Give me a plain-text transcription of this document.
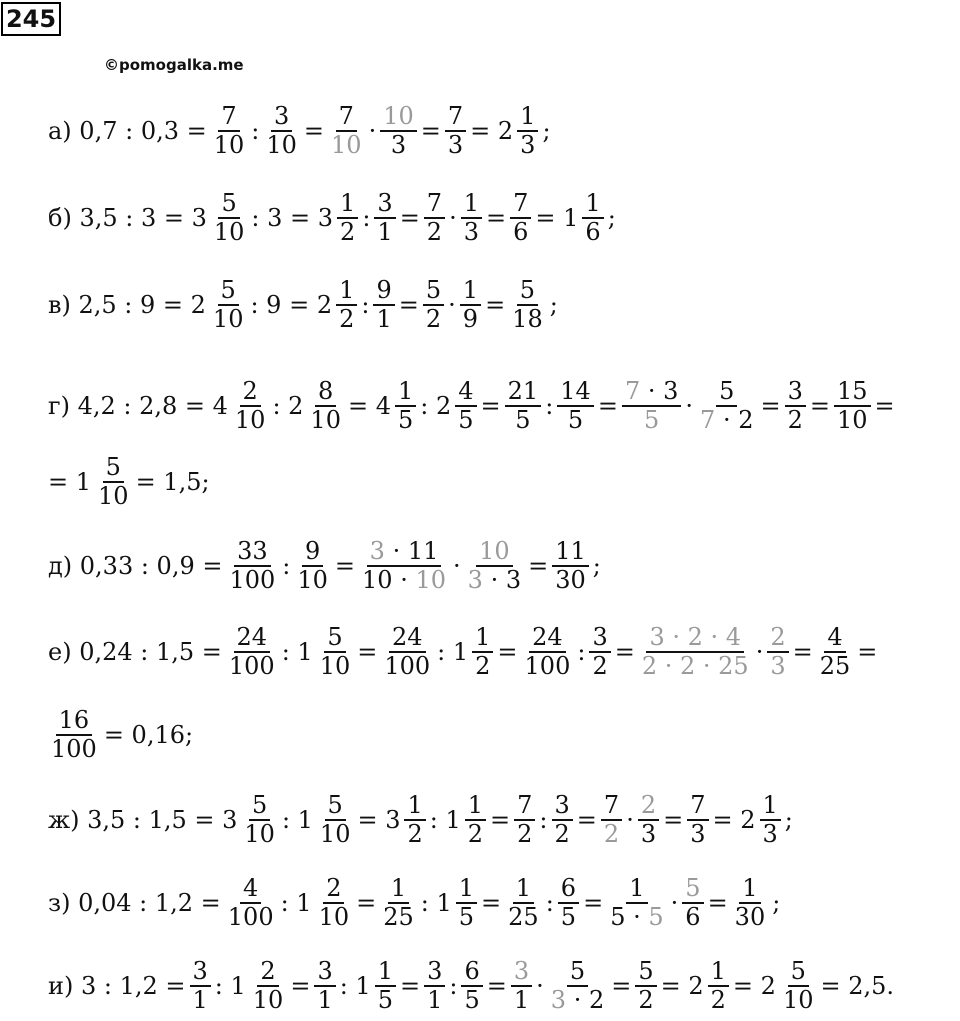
245
©pomogalka.me
а) 0,7 : $0,3 = \frac{7}{10}$ : $\frac{3}{10} = \frac{7}{10} \cdot \frac{10}{3} = \frac{7}{3} = 2 \frac{1}{3}$ ;
б) 3,5 : $3 = 3 \frac{5}{10}$ : $3 = 3 \frac{1}{2}$ : $\frac{3}{1} = \frac{7}{2} \cdot \frac{1}{3} = \frac{7}{6} = 1 \frac{1}{6}$ ;
в) 2,5 : $9 = 2 \frac{5}{10}$ : $9 = 2 \frac{1}{2}$ : $\frac{9}{1} = \frac{5}{2} \cdot \frac{1}{9} = \frac{5}{18}$ ;
г) 4,2 : $2,8 = 4 \frac{2}{10}$ : $2 \frac{8}{10} = 4 \frac{1}{5}$ : $2 \frac{4}{5} = \frac{21}{5}$ : $\frac{14}{5} = \frac{7 \cdot 3}{5} \cdot \frac{5}{7 \cdot 2} = \frac{3}{2} = \frac{15}{10}$ =
= $1 \frac{5}{10} = 1,5$;
д) 0,33 : $0,9 = \frac{33}{100}$ : $\frac{9}{10} = \frac{3 \cdot 11}{10 \cdot 10} \cdot \frac{10}{3 \cdot 3} = \frac{11}{30}$ ;
е) 0,24 : $1,5 = \frac{24}{100}$ : $1 \frac{5}{10} = \frac{24}{100}$ : $1 \frac{1}{2} = \frac{24}{100}$ : $\frac{3}{2} = \frac{3 \cdot 2 \cdot 4}{2 \cdot 2 \cdot 25} \cdot \frac{2}{3} = \frac{4}{25}$ =
$\frac{16}{100} = 0,16$;
ж) 3,5 : $1,5 = 3 \frac{5}{10}$ : $1 \frac{5}{10} = 3 \frac{1}{2}$ : $1 \frac{1}{2} = \frac{7}{2}$ : $\frac{3}{2} = \frac{7}{2} \cdot \frac{2}{3} = \frac{7}{3} = 2 \frac{1}{3}$ ;
з) 0,04 : $1,2 = \frac{4}{100}$ : $1 \frac{2}{10} = \frac{1}{25}$ : $1 \frac{1}{5} = \frac{1}{25}$ : $\frac{6}{5} = \frac{1}{5 \cdot 5} \cdot \frac{5}{6} = \frac{1}{30}$ ;
и) 3 : $1,2 = \frac{3}{1}$ : $1 \frac{2}{10} = \frac{3}{1}$ : $1 \frac{1}{5} = \frac{3}{1}$ : $\frac{6}{5} = \frac{3}{1} \cdot \frac{5}{3 \cdot 2} = \frac{5}{2} = 2 \frac{1}{2} = 2 \frac{5}{10} = 2,5$.
